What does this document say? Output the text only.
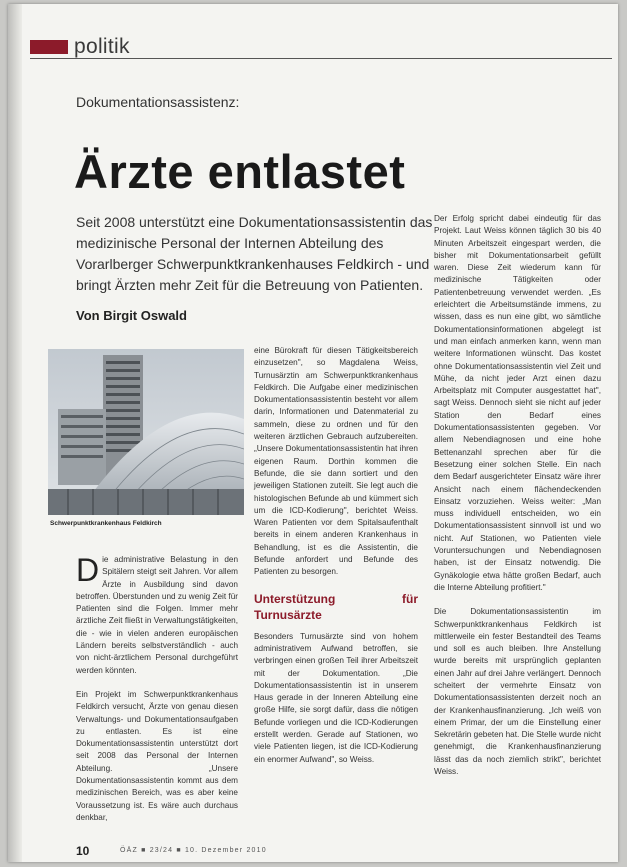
politik
Dokumentationsassistenz:
Ärzte entlastet
Seit 2008 unterstützt eine Dokumentationsassistentin das medizinische Personal der Internen Abteilung des Vorarlberger Schwerpunktkrankenhauses Feldkirch - und bringt Ärzten mehr Zeit für die Betreuung von Patienten.
Von Birgit Oswald
Schwerpunktkrankenhaus Feldkirch

Die administrative Belastung in den Spitälern steigt seit Jahren. Vor allem Ärzte in Ausbildung sind davon betroffen. Überstunden und zu wenig Zeit für Patienten sind die Folgen. Immer mehr ärztliche Zeit fließt in Verwaltungstätigkeiten, die - wie in vielen anderen europäischen Ländern bereits selbstverständlich - auch von nicht-ärztlichem Personal durchgeführt werden könnten.

Ein Projekt im Schwerpunktkrankenhaus Feldkirch versucht, Ärzte von genau diesen Verwaltungs- und Dokumentationsaufgaben zu entlasten. Es ist eine Dokumentationsassistentin unterstützt dort seit 2008 das Personal der Internen Abteilung. „Unsere Dokumentationsassistentin kommt aus dem medizinischen Bereich, was es aber keine Voraussetzung ist. Es wäre auch durchaus denkbar,

eine Bürokraft für diesen Tätigkeitsbereich einzusetzen", so Magdalena Weiss, Turnusärztin am Schwerpunktkrankenhaus Feldkirch. Die Aufgabe einer medizinischen Dokumentationsassistentin besteht vor allem darin, Informationen und Datenmaterial zu sammeln, diese zu ordnen und für den weiteren ärztlichen Gebrauch aufzubereiten. „Unsere Dokumentationsassistentin hat ihren eigenen Raum. Dorthin kommen die Befunde, die sie dann sortiert und den jeweiligen Stationen zuteilt. Sie legt auch die histologischen Befunde ab und kümmert sich um die ICD-Kodierung", berichtet Weiss. Waren Patienten vor dem Spitalsaufenthalt bereits in einem anderen Krankenhaus in Behandlung, ist es die Assistentin, die Befunde anfordert und Befunde des Patienten zu besorgen.

Unterstützung für Turnusärzte

Besonders Turnusärzte sind von hohem administrativem Aufwand betroffen, sie verbringen einen großen Teil ihrer Arbeitszeit mit der Dokumentation. „Die Dokumentationsassistentin ist in unserem Haus gerade in der Inneren Abteilung eine große Hilfe, sie sorgt dafür, dass die nötigen Befunde vorliegen und die ICD-Kodierungen erstellt werden. Gerade auf Stationen, wo viele Patienten liegen, ist die ICD-Kodierung ein enormer Aufwand", so Weiss.

Der Erfolg spricht dabei eindeutig für das Projekt. Laut Weiss können täglich 30 bis 40 Minuten Arbeitszeit eingespart werden, die bisher mit Dokumentationsarbeit gefüllt waren. Diese Zeit wiederum kann für medizinische Tätigkeiten oder Patientenbetreuung verwendet werden. „Es erleichtert die Arbeitsumstände immens, zu wissen, dass es nun eine gibt, wo sämtliche Dokumentationsinformationen abgelegt ist und man einfach anmerken kann, wenn man weitere Informationen wünscht. Das kostet ohne Dokumentationsassistentin viel Zeit und Mühe, da nicht jeder Arzt einen dazu Arbeitsplatz mit Computer ausgestattet hat", sagt Weiss. Dennoch sieht sie nicht auf jeder Station den Bedarf eines Dokumentationsassistenten gegeben. Vor allem Nebendiagnosen und eine hohe Bettenanzahl sprechen aber für die Besetzung einer solchen Stelle. Ein nach dem Bedarf ausgerichteter Einsatz wäre ihrer Ansicht nach einem flächendeckenden Einsatz vorzuziehen. Weiss weiter: „Man muss individuell entscheiden, wo ein Dokumentationsassistent sinnvoll ist und wo nicht. Auf Stationen, wo Patienten viele Voruntersuchungen und Nebendiagnosen haben, ist der Einsatz notwendig. Die Gynäkologie etwa hätte großen Bedarf, auch die Interne Abteilung profitiert."

Die Dokumentationsassistentin im Schwerpunktkrankenhaus Feldkirch ist mittlerweile ein fester Bestandteil des Teams und soll es auch bleiben. Ihre Anstellung wurde bereits mit ursprünglich geplanten einen Jahr auf drei Jahre verlängert. Dennoch scheitert der vermehrte Einsatz von Dokumentationsassistenten derzeit noch an der Krankenhausfinanzierung. „Ich weiß von einem Primar, der um die Einstellung einer Sekretärin gebeten hat. Die Stelle wurde nicht genehmigt, die Krankenhausfinanzierung lässt das da noch ziemlich strikt", berichtet Weiss.

10	ÖÄZ ■ 23/24 ■ 10. Dezember 2010
